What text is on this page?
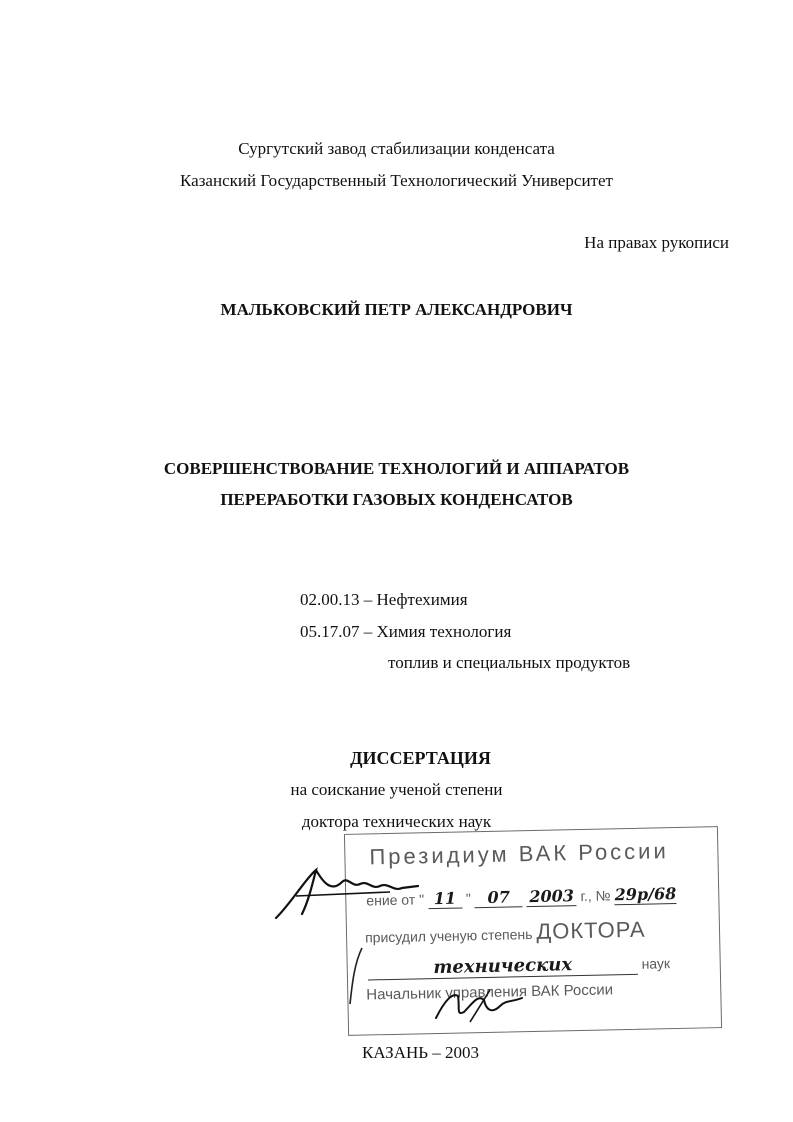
Сургутский завод стабилизации конденсата
Казанский Государственный Технологический Университет
На правах рукописи
МАЛЬКОВСКИЙ ПЕТР АЛЕКСАНДРОВИЧ
СОВЕРШЕНСТВОВАНИЕ ТЕХНОЛОГИЙ И АППАРАТОВ
ПЕРЕРАБОТКИ ГАЗОВЫХ КОНДЕНСАТОВ
02.00.13 – Нефтехимия
05.17.07 – Химия технология
топлив и специальных продуктов
ДИССЕРТАЦИЯ
на соискание ученой степени
доктора технических наук
Президиум ВАК России
ение от " 11 " 07 2003 г., № 29р/68
присудил ученую степень ДОКТОРА
технических	наук
Начальник управления ВАК России
КАЗАНЬ – 2003
